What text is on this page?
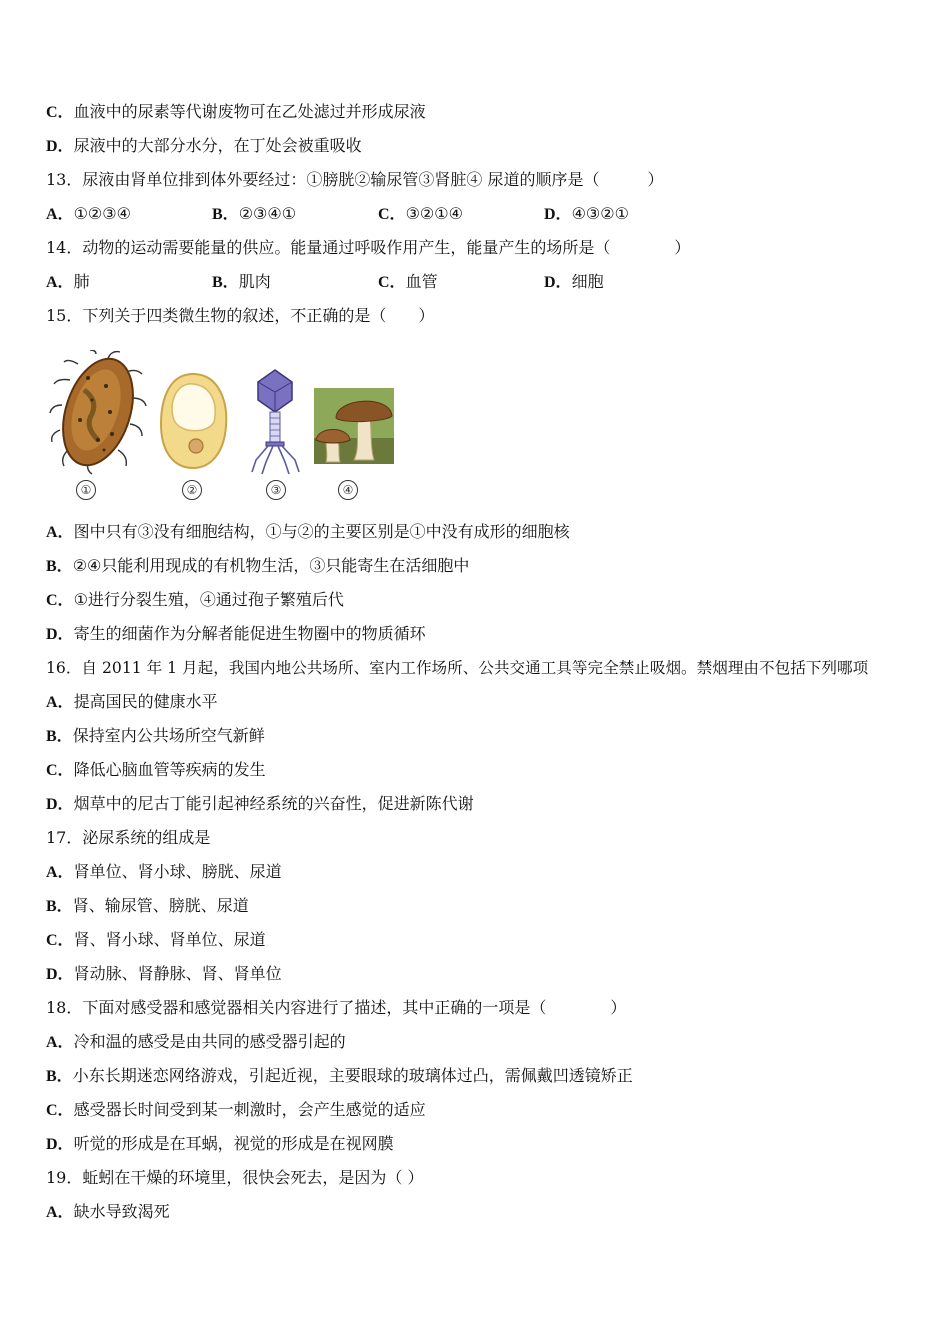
C．血液中的尿素等代谢废物可在乙处滤过并形成尿液
D．尿液中的大部分水分，在丁处会被重吸收
13．尿液由肾单位排到体外要经过：①膀胱②输尿管③肾脏④ 尿道的顺序是（　　　）
A．①②③④	B．②③④①	C．③②①④	D．④③②①
14．动物的运动需要能量的供应。能量通过呼吸作用产生，能量产生的场所是（　　　　）
A．肺	B．肌肉	C．血管	D．细胞
15．下列关于四类微生物的叙述，不正确的是（　　）
①	②	③	④
A．图中只有③没有细胞结构，①与②的主要区别是①中没有成形的细胞核
B．②④只能利用现成的有机物生活，③只能寄生在活细胞中
C．①进行分裂生殖，④通过孢子繁殖后代
D．寄生的细菌作为分解者能促进生物圈中的物质循环
16．自 2011 年 1 月起，我国内地公共场所、室内工作场所、公共交通工具等完全禁止吸烟。禁烟理由不包括下列哪项
A．提高国民的健康水平
B．保持室内公共场所空气新鲜
C．降低心脑血管等疾病的发生
D．烟草中的尼古丁能引起神经系统的兴奋性，促进新陈代谢
17．泌尿系统的组成是
A．肾单位、肾小球、膀胱、尿道
B．肾、输尿管、膀胱、尿道
C．肾、肾小球、肾单位、尿道
D．肾动脉、肾静脉、肾、肾单位
18．下面对感受器和感觉器相关内容进行了描述，其中正确的一项是（　　　　）
A．冷和温的感受是由共同的感受器引起的
B．小东长期迷恋网络游戏，引起近视，主要眼球的玻璃体过凸，需佩戴凹透镜矫正
C．感受器长时间受到某一刺激时，会产生感觉的适应
D．听觉的形成是在耳蜗，视觉的形成是在视网膜
19．蚯蚓在干燥的环境里，很快会死去，是因为（ ）
A．缺水导致渴死
